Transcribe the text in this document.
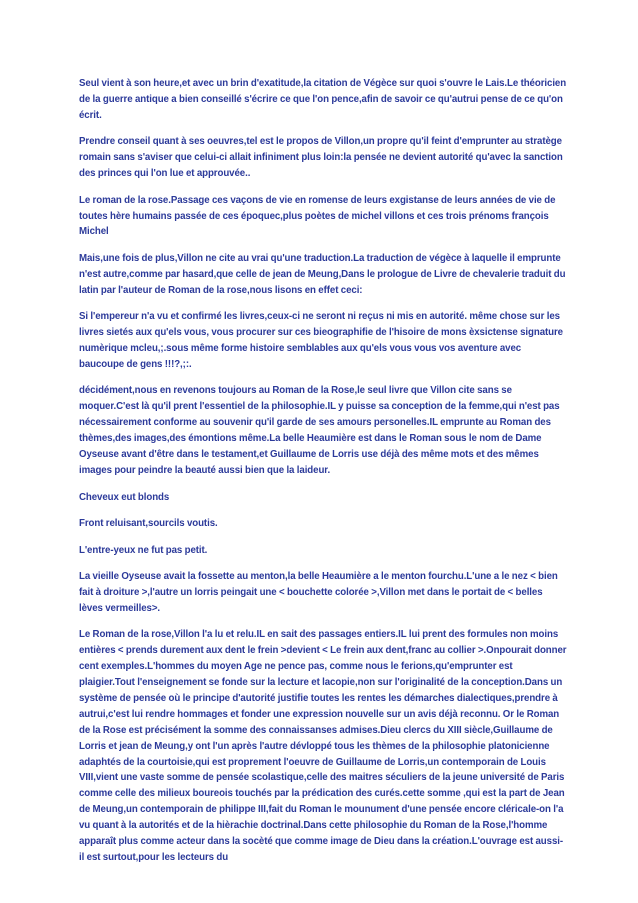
Seul vient à son heure,et avec un brin d'exatitude,la citation de Végèce sur quoi s'ouvre le Lais.Le théoricien de la guerre antique a bien conseillé s'écrire ce que l'on pence,afin de savoir ce qu'autrui pense de ce qu'on écrit.

Prendre conseil quant à ses oeuvres,tel est le propos de Villon,un propre qu'il feint d'emprunter au stratège romain sans s'aviser que celui-ci allait infiniment plus loin:la pensée ne devient autorité qu'avec la sanction des princes qui l'on lue et approuvée..

Le roman de la rose.Passage ces vaçons de vie en romense de leurs exgistanse de leurs années de vie de toutes hère humains passée de ces époquec,plus poètes de michel villons et ces trois prénoms françois Michel

Mais,une fois de plus,Villon ne cite au vrai qu'une traduction.La traduction de végèce à laquelle il emprunte n'est autre,comme par hasard,que celle de jean de Meung,Dans le prologue de Livre de chevalerie traduit du latin par l'auteur de Roman de la rose,nous lisons en effet ceci:

Si l'empereur n'a vu et confirmé les livres,ceux-ci ne seront ni reçus ni mis en autorité. même chose sur les livres sietés aux qu'els vous, vous procurer sur ces bieographifie de l'hisoire de mons èxsictense signature numèrique mcleu,;.sous même forme histoire semblables aux qu'els vous vous vos aventure avec baucoupe de gens !!!?,;:.

décidément,nous en revenons toujours au Roman de la Rose,le seul livre que Villon cite sans se moquer.C'est là qu'il prent l'essentiel de la philosophie.IL y puisse sa conception de la femme,qui n'est pas nécessairement conforme au souvenir qu'il garde de ses amours personelles.IL emprunte au Roman des thèmes,des images,des émontions même.La belle Heaumière est dans le Roman sous le nom de Dame Oyseuse avant d'être dans le testament,et Guillaume de Lorris use déjà des même mots et des mêmes images pour peindre la beauté aussi bien que la laideur.

Cheveux eut blonds

Front reluisant,sourcils voutis.

L'entre-yeux ne fut pas petit.

La vieille Oyseuse avait la fossette au menton,la belle Heaumière a le menton fourchu.L'une a le nez < bien fait à droiture >,l'autre un lorris peingait une < bouchette colorée >,Villon met dans le portait de < belles lèves vermeilles>.

Le Roman de la rose,Villon l'a lu et relu.IL en sait des passages entiers.IL lui prent des formules non moins entières < prends durement aux dent le frein >devient < Le frein aux dent,franc au collier >.Onpourait donner cent exemples.L'hommes du moyen Age ne pence pas, comme nous le ferions,qu'emprunter est plaigier.Tout l'enseignement se fonde sur la lecture et lacopie,non sur l'originalité de la conception.Dans un système de pensée où le principe d'autorité justifie toutes les rentes les démarches dialectiques,prendre à autrui,c'est lui rendre hommages et fonder une expression nouvelle sur un avis déjà reconnu. Or le Roman de la Rose est précisément la somme des connaissanses admises.Dieu clercs du XIII siècle,Guillaume de Lorris et jean de Meung,y ont l'un après l'autre dévloppé tous les thèmes de la philosophie platonicienne adaphtés de la courtoisie,qui est proprement l'oeuvre de Guillaume de Lorris,un contemporain de Louis VIII,vient une vaste somme de pensée scolastique,celle des maitres séculiers de la jeune université de Paris comme celle des milieux boureois touchés par la prédication des curés.cette somme ,qui est la part de Jean de Meung,un contemporain de philippe III,fait du Roman le mounument d'une pensée encore cléricale-on l'a vu quant à la autorités et de la hièrachie doctrinal.Dans cette philosophie du Roman de la Rose,l'homme apparaît plus comme acteur dans la socèté que comme image de Dieu dans la création.L'ouvrage est aussi-il est surtout,pour les lecteurs du
